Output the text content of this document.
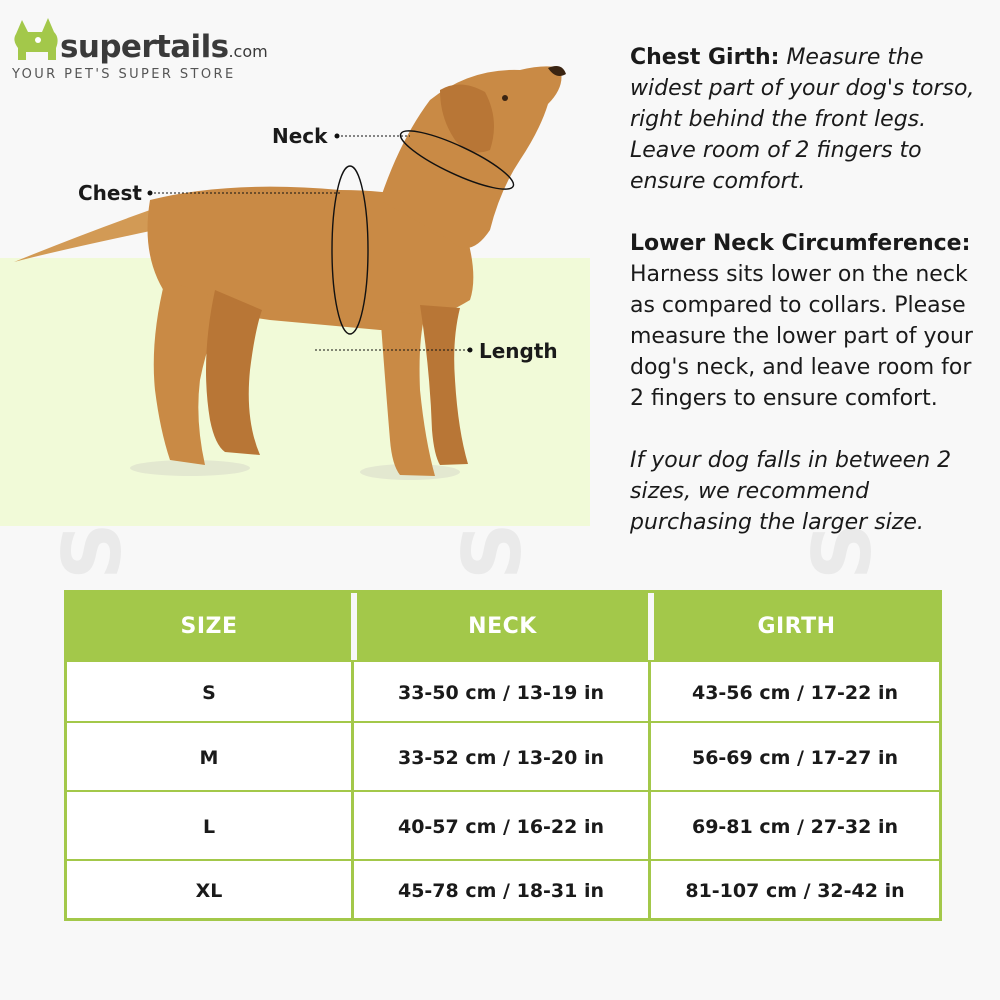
S	S	S
supertails.com
YOUR PET'S SUPER STORE
Neck
Chest
Length

Chest Girth: Measure the widest part of your dog's torso, right behind the front legs. Leave room of 2 fingers to ensure comfort.

Lower Neck Circumference:
Harness sits lower on the neck as compared to collars. Please measure the lower part of your dog's neck, and leave room for 2 fingers to ensure comfort.

If your dog falls in between 2 sizes, we recommend purchasing the larger size.

SIZE	NECK	GIRTH
S	33-50 cm / 13-19 in	43-56 cm / 17-22 in
M	33-52 cm / 13-20 in	56-69 cm / 17-27 in
L	40-57 cm / 16-22 in	69-81 cm / 27-32 in
XL	45-78 cm / 18-31 in	81-107 cm / 32-42 in
